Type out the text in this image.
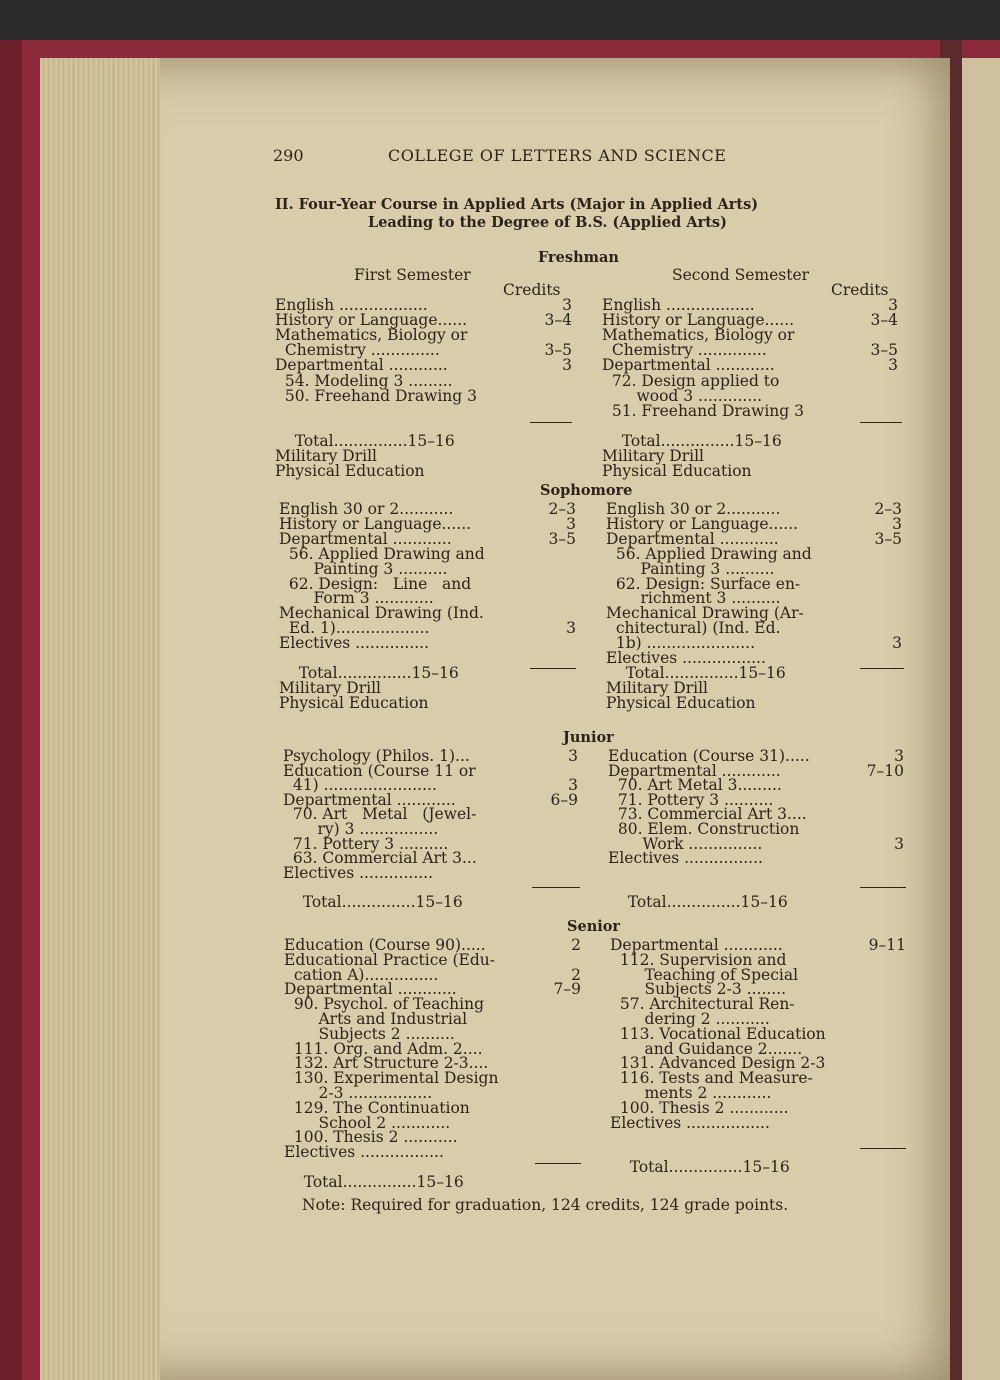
290	COLLEGE OF LETTERS AND SCIENCE
II. Four-Year Course in Applied Arts (Major in Applied Arts)
Leading to the Degree of B.S. (Applied Arts)
Freshman
First Semester	Second Semester
Credits	Credits
Sophomore
Junior
Senior
English ..................	3
History or Language......	3–4
Mathematics, Biology or
Chemistry ..............	3–5
Departmental ............	3
54. Modeling 3 .........
50. Freehand Drawing 3
Total...............15–16
Military Drill
Physical Education
English ..................	3
History or Language......	3–4
Mathematics, Biology or
Chemistry ..............	3–5
Departmental ............	3
72. Design applied to
wood 3 .............
51. Freehand Drawing 3
Total...............15–16
Military Drill
Physical Education
English 30 or 2...........	2–3
History or Language......	3
Departmental ............	3–5
56. Applied Drawing and
Painting 3 ..........
62. Design:   Line   and
Form 3 ............
Mechanical Drawing (Ind.
Ed. 1)...................	3
Electives ...............
Total...............15–16
Military Drill
Physical Education
English 30 or 2...........	2–3
History or Language......	3
Departmental ............	3–5
56. Applied Drawing and
Painting 3 ..........
62. Design: Surface en-
richment 3 ..........
Mechanical Drawing (Ar-
chitectural) (Ind. Ed.
1b) ......................	3
Electives .................
Total...............15–16
Military Drill
Physical Education
Psychology (Philos. 1)...	3
Education (Course 11 or
41) .......................	3
Departmental ............	6–9
70. Art   Metal   (Jewel-
ry) 3 ................
71. Pottery 3 ..........
63. Commercial Art 3...
Electives ...............
Total...............15–16
Education (Course 31).....	3
Departmental ............	7–10
70. Art Metal 3.........
71. Pottery 3 ..........
73. Commercial Art 3....
80. Elem. Construction
Work ...............	3
Electives ................
Total...............15–16
Education (Course 90).....	2
Educational Practice (Edu-
cation A)...............	2
Departmental ............	7–9
90. Psychol. of Teaching
Arts and Industrial
Subjects 2 ..........
111. Org. and Adm. 2....
132. Art Structure 2-3....
130. Experimental Design
2-3 .................
129. The Continuation
School 2 ............
100. Thesis 2 ...........
Electives .................
Total...............15–16
Departmental ............	9–11
112. Supervision and
Teaching of Special
Subjects 2-3 ........
57. Architectural Ren-
dering 2 ...........
113. Vocational Education
and Guidance 2.......
131. Advanced Design 2-3
116. Tests and Measure-
ments 2 ............
100. Thesis 2 ............
Electives .................
Total...............15–16
Note: Required for graduation, 124 credits, 124 grade points.
